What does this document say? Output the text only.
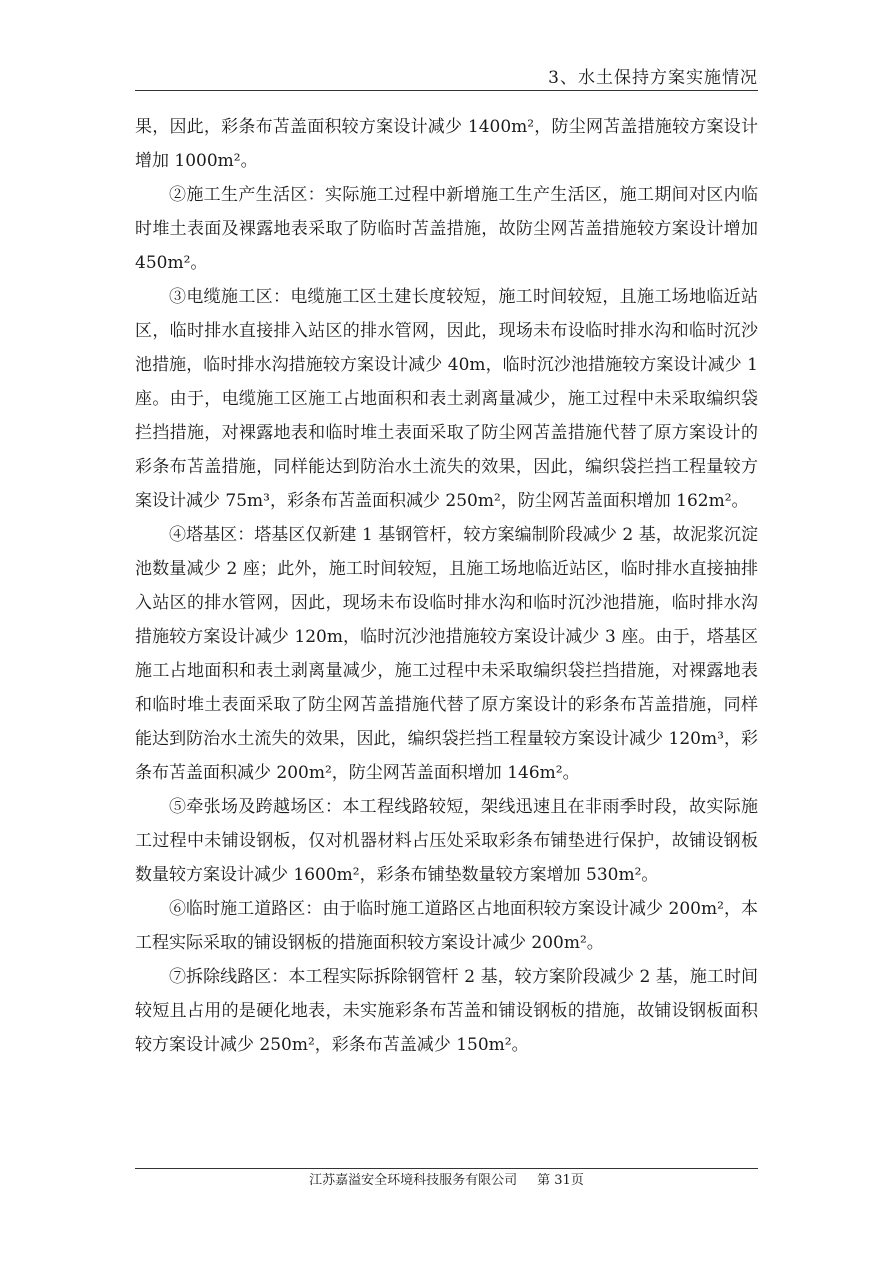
3、水土保持方案实施情况

果，因此，彩条布苫盖面积较方案设计减少 1400m²，防尘网苫盖措施较方案设计增加 1000m²。

②施工生产生活区：实际施工过程中新增施工生产生活区，施工期间对区内临时堆土表面及裸露地表采取了防临时苫盖措施，故防尘网苫盖措施较方案设计增加 450m²。

③电缆施工区：电缆施工区土建长度较短，施工时间较短，且施工场地临近站区，临时排水直接排入站区的排水管网，因此，现场未布设临时排水沟和临时沉沙池措施，临时排水沟措施较方案设计减少 40m，临时沉沙池措施较方案设计减少 1 座。由于，电缆施工区施工占地面积和表土剥离量减少，施工过程中未采取编织袋拦挡措施，对裸露地表和临时堆土表面采取了防尘网苫盖措施代替了原方案设计的彩条布苫盖措施，同样能达到防治水土流失的效果，因此，编织袋拦挡工程量较方案设计减少 75m³，彩条布苫盖面积减少 250m²，防尘网苫盖面积增加 162m²。

④塔基区：塔基区仅新建 1 基钢管杆，较方案编制阶段减少 2 基，故泥浆沉淀池数量减少 2 座；此外，施工时间较短，且施工场地临近站区，临时排水直接抽排入站区的排水管网，因此，现场未布设临时排水沟和临时沉沙池措施，临时排水沟措施较方案设计减少 120m，临时沉沙池措施较方案设计减少 3 座。由于，塔基区施工占地面积和表土剥离量减少，施工过程中未采取编织袋拦挡措施，对裸露地表和临时堆土表面采取了防尘网苫盖措施代替了原方案设计的彩条布苫盖措施，同样能达到防治水土流失的效果，因此，编织袋拦挡工程量较方案设计减少 120m³，彩条布苫盖面积减少 200m²，防尘网苫盖面积增加 146m²。

⑤牵张场及跨越场区：本工程线路较短，架线迅速且在非雨季时段，故实际施工过程中未铺设钢板，仅对机器材料占压处采取彩条布铺垫进行保护，故铺设钢板数量较方案设计减少 1600m²，彩条布铺垫数量较方案增加 530m²。

⑥临时施工道路区：由于临时施工道路区占地面积较方案设计减少 200m²，本工程实际采取的铺设钢板的措施面积较方案设计减少 200m²。

⑦拆除线路区：本工程实际拆除钢管杆 2 基，较方案阶段减少 2 基，施工时间较短且占用的是硬化地表，未实施彩条布苫盖和铺设钢板的措施，故铺设钢板面积较方案设计减少 250m²，彩条布苫盖减少 150m²。

江苏嘉溢安全环境科技服务有限公司 第 31页
